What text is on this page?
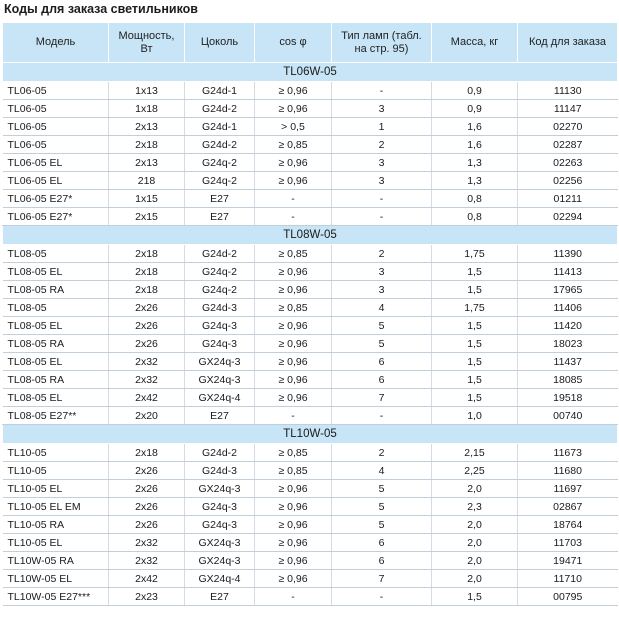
Коды для заказа светильников
Модель	Мощность, Вт	Цоколь	cos φ	Тип ламп (табл. на стр. 95)	Масса, кг	Код для заказа
TL06W-05						
TL06-05	1x13	G24d-1	≥ 0,96	-	0,9	11130
TL06-05	1x18	G24d-2	≥ 0,96	3	0,9	11147
TL06-05	2x13	G24d-1	> 0,5	1	1,6	02270
TL06-05	2x18	G24d-2	≥ 0,85	2	1,6	02287
TL06-05 EL	2x13	G24q-2	≥ 0,96	3	1,3	02263
TL06-05 EL	218	G24q-2	≥ 0,96	3	1,3	02256
TL06-05 E27*	1x15	E27	-	-	0,8	01211
TL06-05 E27*	2x15	E27	-	-	0,8	02294
TL08W-05						
TL08-05	2x18	G24d-2	≥ 0,85	2	1,75	11390
TL08-05 EL	2x18	G24q-2	≥ 0,96	3	1,5	11413
TL08-05 RA	2x18	G24q-2	≥ 0,96	3	1,5	17965
TL08-05	2x26	G24d-3	≥ 0,85	4	1,75	11406
TL08-05 EL	2x26	G24q-3	≥ 0,96	5	1,5	11420
TL08-05 RA	2x26	G24q-3	≥ 0,96	5	1,5	18023
TL08-05 EL	2x32	GX24q-3	≥ 0,96	6	1,5	11437
TL08-05 RA	2x32	GX24q-3	≥ 0,96	6	1,5	18085
TL08-05 EL	2x42	GX24q-4	≥ 0,96	7	1,5	19518
TL08-05 E27**	2x20	E27	-	-	1,0	00740
TL10W-05						
TL10-05	2x18	G24d-2	≥ 0,85	2	2,15	11673
TL10-05	2x26	G24d-3	≥ 0,85	4	2,25	11680
TL10-05 EL	2x26	GX24q-3	≥ 0,96	5	2,0	11697
TL10-05 EL EM	2x26	G24q-3	≥ 0,96	5	2,3	02867
TL10-05 RA	2x26	G24q-3	≥ 0,96	5	2,0	18764
TL10-05 EL	2x32	GX24q-3	≥ 0,96	6	2,0	11703
TL10W-05 RA	2x32	GX24q-3	≥ 0,96	6	2,0	19471
TL10W-05 EL	2x42	GX24q-4	≥ 0,96	7	2,0	11710
TL10W-05 E27***	2x23	E27	-	-	1,5	00795
